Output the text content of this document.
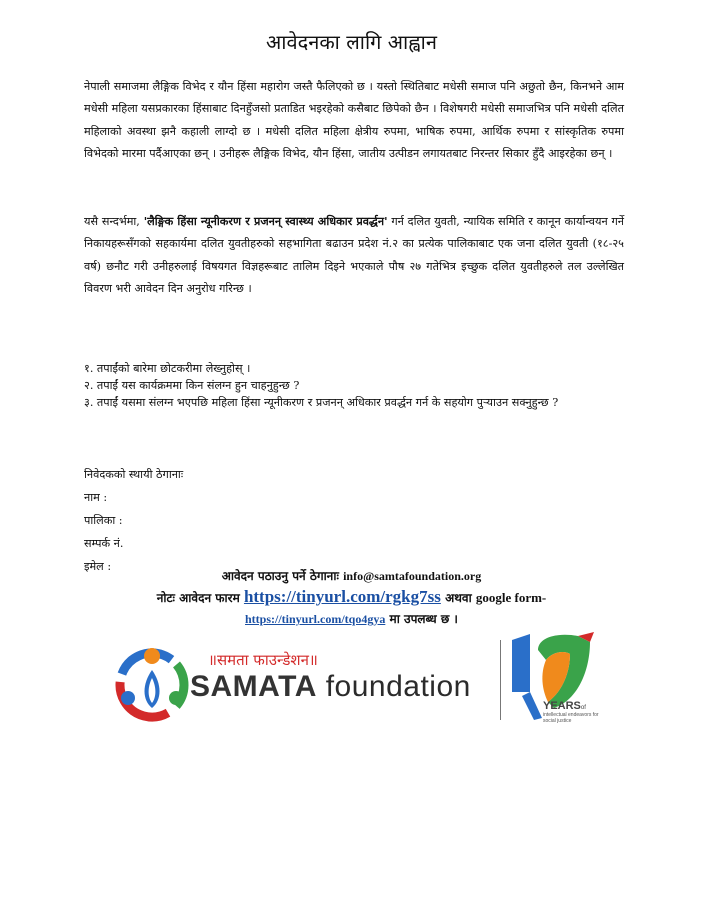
आवेदनका लागि आह्वान

नेपाली समाजमा लैङ्गिक विभेद र यौन हिंसा महारोग जस्तै फैलिएको छ । यस्तो स्थितिबाट मधेसी समाज पनि अछुतो छैन, किनभने आम मधेसी महिला यसप्रकारका हिंसाबाट दिनहुँजसो प्रताडित भइरहेको कसैबाट छिपेको छैन । विशेषगरी मधेसी समाजभित्र पनि मधेसी दलित महिलाको अवस्था झनै कहाली लाग्दो छ । मधेसी दलित महिला क्षेत्रीय रुपमा, भाषिक रुपमा, आर्थिक रुपमा र सांस्कृतिक रुपमा विभेदको मारमा पर्दैआएका छन् । उनीहरू लैङ्गिक विभेद, यौन हिंसा, जातीय उत्पीडन लगायतबाट निरन्तर सिकार हुँदै आइरहेका छन् ।

यसै सन्दर्भमा, 'लैङ्गिक हिंसा न्यूनीकरण र प्रजनन् स्वास्थ्य अधिकार प्रवर्द्धन' गर्न दलित युवती, न्यायिक समिति र कानून कार्यान्वयन गर्ने निकायहरूसँगको सहकार्यमा दलित युवतीहरुको सहभागिता बढाउन प्रदेश नं.२ का प्रत्येक पालिकाबाट एक जना दलित युवती (१८-२५ वर्ष) छनौट गरी उनीहरुलाई विषयगत विज्ञहरूबाट तालिम दिइने भएकाले पौष २७ गतेभित्र इच्छुक दलित युवतीहरुले तल उल्लेखित विवरण भरी आवेदन दिन अनुरोध गरिन्छ ।

१. तपाईंको बारेमा छोटकरीमा लेख्नुहोस् ।

२. तपाईं यस कार्यक्रममा किन संलग्न हुन चाहनुहुन्छ ?

३. तपाईं यसमा संलग्न भएपछि महिला हिंसा न्यूनीकरण र प्रजनन् अधिकार प्रवर्द्धन गर्न के सहयोग पुऱ्याउन सक्नुहुन्छ ?

निवेदकको स्थायी ठेगानाः

नाम :

पालिका :

सम्पर्क नं.

इमेल :

आवेदन पठाउनु पर्ने ठेगानाः info@samtafoundation.org
नोटः आवेदन फारम https://tinyurl.com/rgkg7ss अथवा google form-
https://tinyurl.com/tqo4gya मा उपलब्ध छ ।
॥समता फाउन्डेशन॥
SAMATA foundation
YEARSof
intellectual endeavors for social justice
